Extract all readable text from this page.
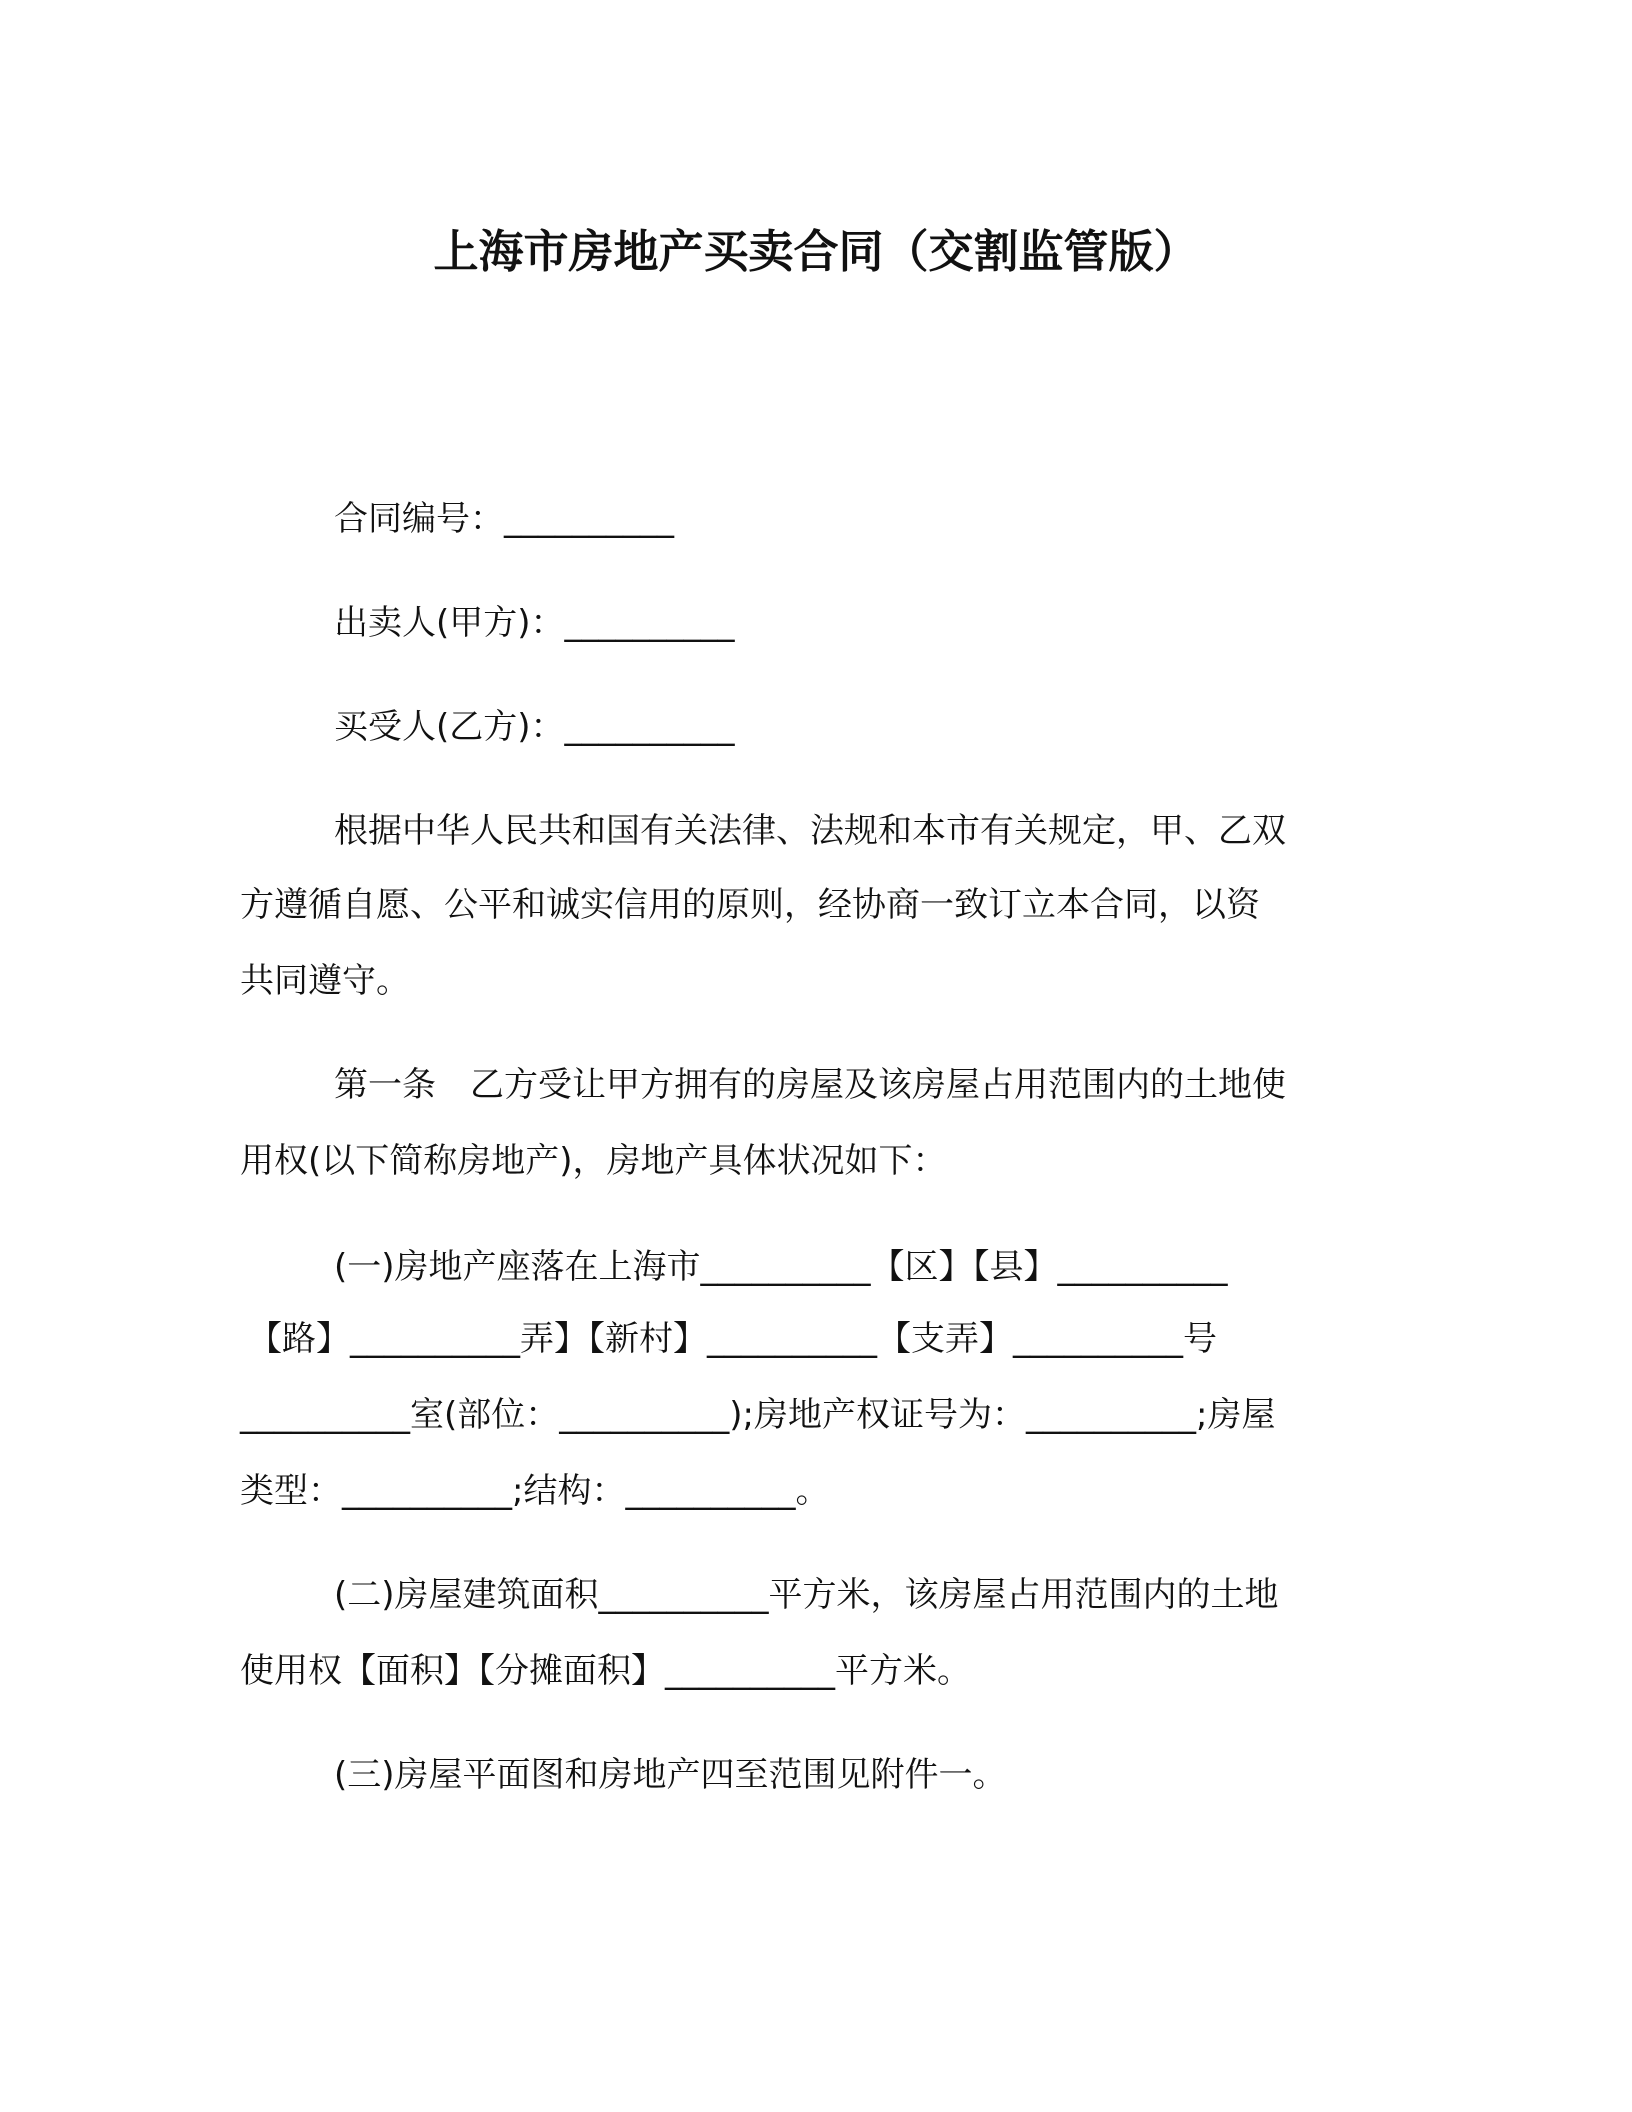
上海市房地产买卖合同（交割监管版）
合同编号：__________
出卖人(甲方)：__________
买受人(乙方)：__________
根据中华人民共和国有关法律、法规和本市有关规定，甲、乙双
方遵循自愿、公平和诚实信用的原则，经协商一致订立本合同，以资
共同遵守。
第一条　乙方受让甲方拥有的房屋及该房屋占用范围内的土地使
用权(以下简称房地产)，房地产具体状况如下：
(一)房地产座落在上海市__________【区】【县】__________
【路】__________弄】【新村】__________【支弄】__________号
__________室(部位：__________);房地产权证号为：__________;房屋
类型：__________;结构：__________。
(二)房屋建筑面积__________平方米，该房屋占用范围内的土地
使用权【面积】【分摊面积】__________平方米。
(三)房屋平面图和房地产四至范围见附件一。
